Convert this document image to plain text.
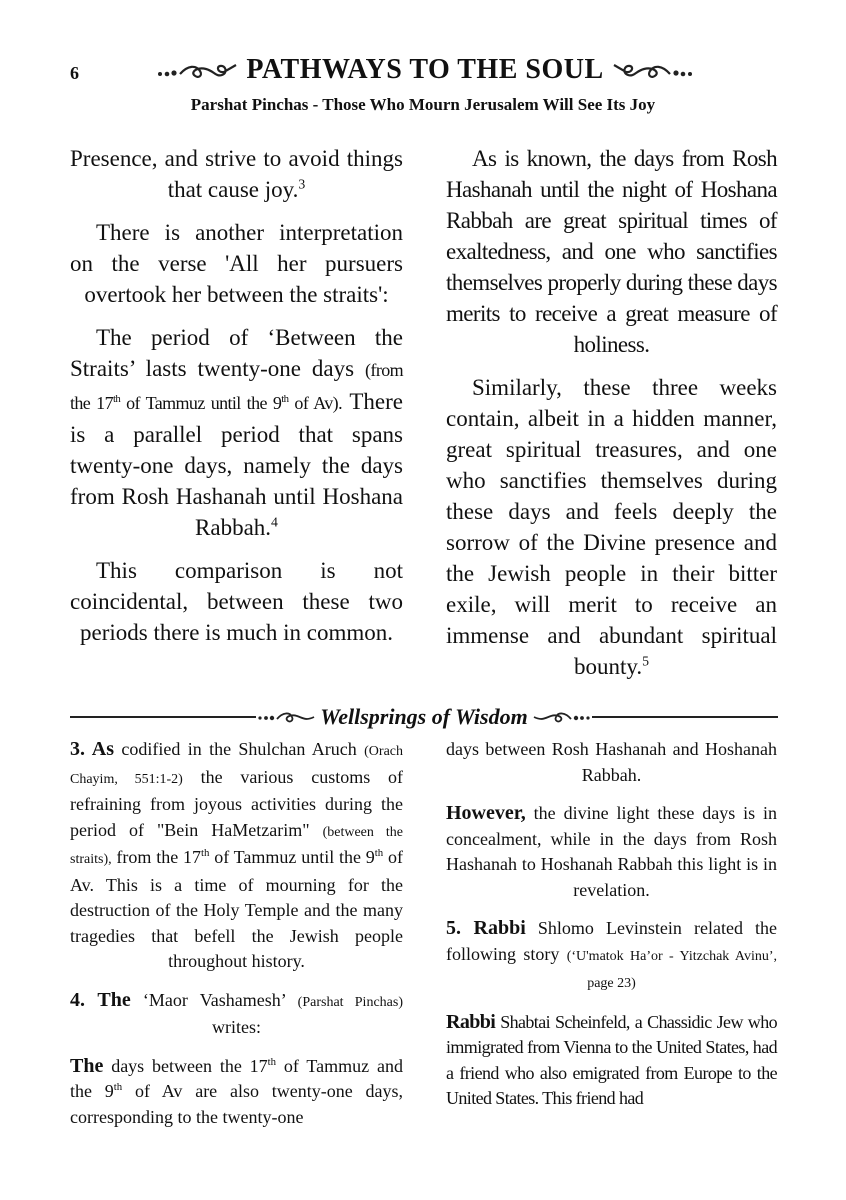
6	PATHWAYS TO THE SOUL
Parshat Pinchas - Those Who Mourn Jerusalem Will See Its Joy

Presence, and strive to avoid things that cause joy.$^3$

There is another interpretation on the verse 'All her pursuers overtook her between the straits':

The period of ‘Between the Straits’ lasts twenty-one days (from the 17th of Tammuz until the 9th of Av). There is a parallel period that spans twenty-one days, namely the days from Rosh Hashanah until Hoshana Rabbah.$^4$

This comparison is not coincidental, between these two periods there is much in common.

As is known, the days from Rosh Hashanah until the night of Hoshana Rabbah are great spiritual times of exaltedness, and one who sanctifies themselves properly during these days merits to receive a great measure of holiness.

Similarly, these three weeks contain, albeit in a hidden manner, great spiritual treasures, and one who sanctifies themselves during these days and feels deeply the sorrow of the Divine presence and the Jewish people in their bitter exile, will merit to receive an immense and abundant spiritual bounty.$^5$

Wellsprings of Wisdom

3. As codified in the Shulchan Aruch (Orach Chayim, 551:1-2) the various customs of refraining from joyous activities during the period of "Bein HaMetzarim" (between the straits), from the 17th of Tammuz until the 9th of Av. This is a time of mourning for the destruction of the Holy Temple and the many tragedies that befell the Jewish people throughout history.

4. The ‘Maor Vashamesh’ (Parshat Pinchas) writes:

The days between the 17th of Tammuz and the 9th of Av are also twenty-one days, corresponding to the twenty-one

days between Rosh Hashanah and Hoshanah Rabbah.

However, the divine light these days is in concealment, while in the days from Rosh Hashanah to Hoshanah Rabbah this light is in revelation.

5. Rabbi Shlomo Levinstein related the following story (‘U'matok Ha’or - Yitzchak Avinu’, page 23)

Rabbi Shabtai Scheinfeld, a Chassidic Jew who immigrated from Vienna to the United States, had a friend who also emigrated from Europe to the United States. This friend had
